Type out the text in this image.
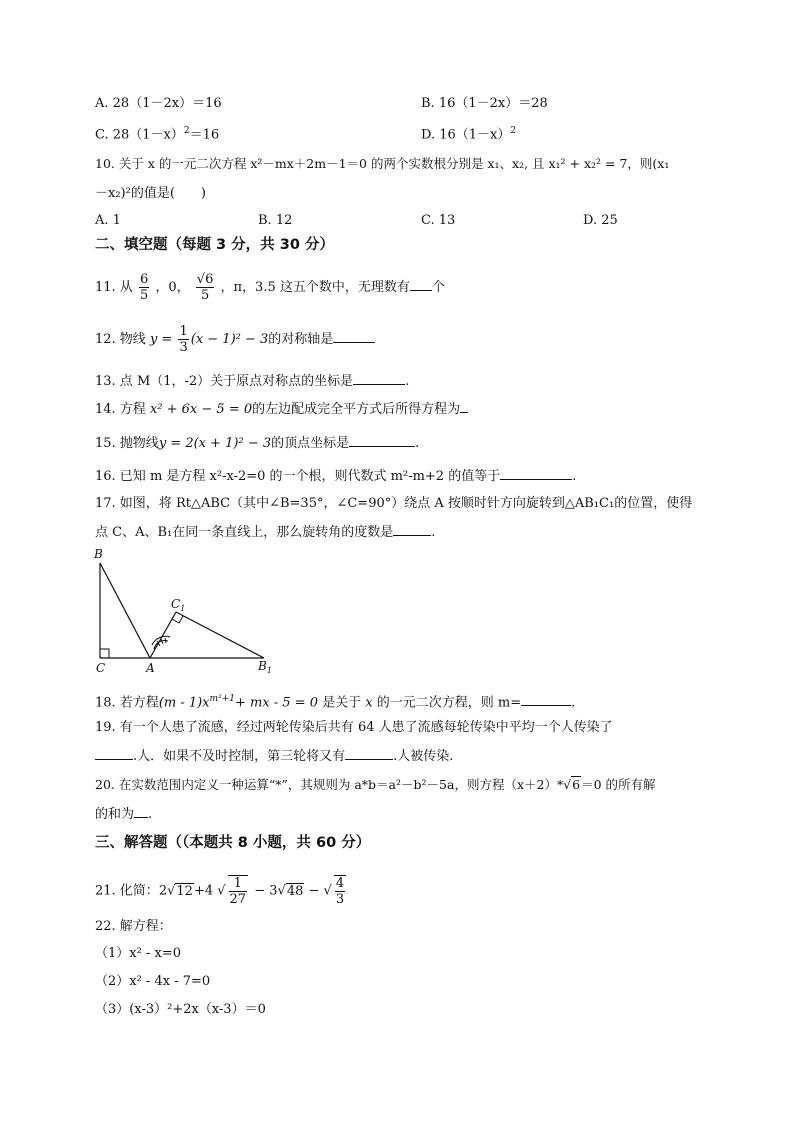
A. 28（1－2x）＝16	B. 16（1－2x）＝28
C. $28(1-x)^2=16$	D. $16(1-x)^2$
10. 关于 x 的一元二次方程 x²－mx＋2m－1＝0 的两个实数根分别是 x₁、x₂, 且 x₁² + x₂² = 7，则(x₁
－x₂)²的值是(　　)
A. 1	B. 12	C. 13	D. 25
二、填空题（每题 3 分，共 30 分）
11. 从 $\frac{6}{5}$ ，0， $\frac{√6}{5}$ ，π，3.5 这五个数中，无理数有 个
12. 物线 $y = \frac{1}{3} (x - 1)^2 - 3$的对称轴是
13. 点 M（1，-2）关于原点对称点的坐标是	.
14. 方程 x² + 6x − 5 = 0的左边配成完全平方式后所得方程为
15. 抛物线y = 2(x + 1)² − 3的顶点坐标是	.
16. 已知 m 是方程 x²-x-2=0 的一个根，则代数式 m²-m+2 的值等于	.
17. 如图，将 Rt△ABC（其中∠B=35°，∠C=90°）绕点 A 按顺时针方向旋转到△AB₁C₁的位置，使得
点 C、A、B₁在同一条直线上，那么旋转角的度数是	.
B
C	A
$C_1$
$B_1$
18. 若方程$(m - 1)x^{m^2+1}+$ mx - 5 = 0 是关于 x 的一元二次方程，则 m=	.
19. 有一个人患了流感，经过两轮传染后共有 64 人患了流感每轮传染中平均一个人传染了
.人．如果不及时控制，第三轮将又有	.人被传染.
20. 在实数范围内定义一种运算“*”，其规则为 a*b＝a²－b²－5a，则方程（x＋2）*√6＝0 的所有解
的和为 .
三、解答题（（本题共 8 小题，共 60 分）
21. 化简：2√12+4 √ $\frac{1}{27} - 3√48$ − √ $\frac{4}{3}$
22. 解方程：
（1）x² - x=0
（2）x² - 4x - 7=0
（3）(x-3）²+2x（x-3）＝0
